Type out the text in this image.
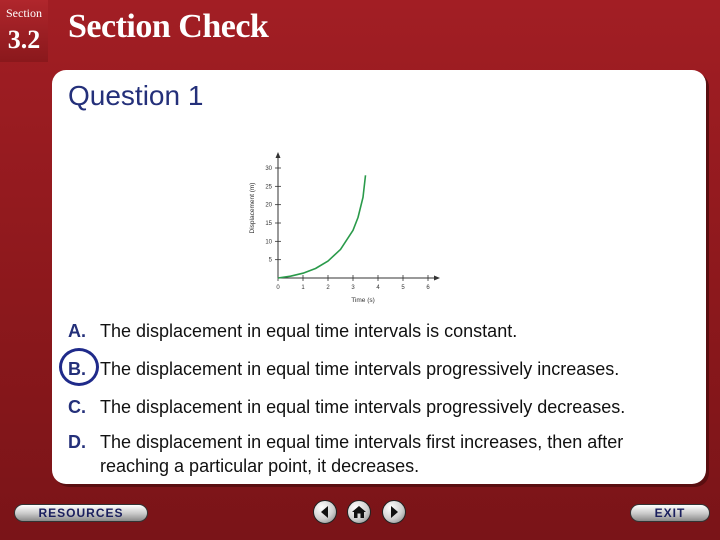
Section
3.2 Section Check
Question 1
0	1	2	3	4	5	6
5
10
15
20
25
30
Time (s)
Displacement (m)
A. The displacement in equal time intervals is constant.
B. The displacement in equal time intervals progressively increases.
C. The displacement in equal time intervals progressively decreases.
D. The displacement in equal time intervals first increases, then after reaching a particular point, it decreases.
RESOURCES	EXIT
